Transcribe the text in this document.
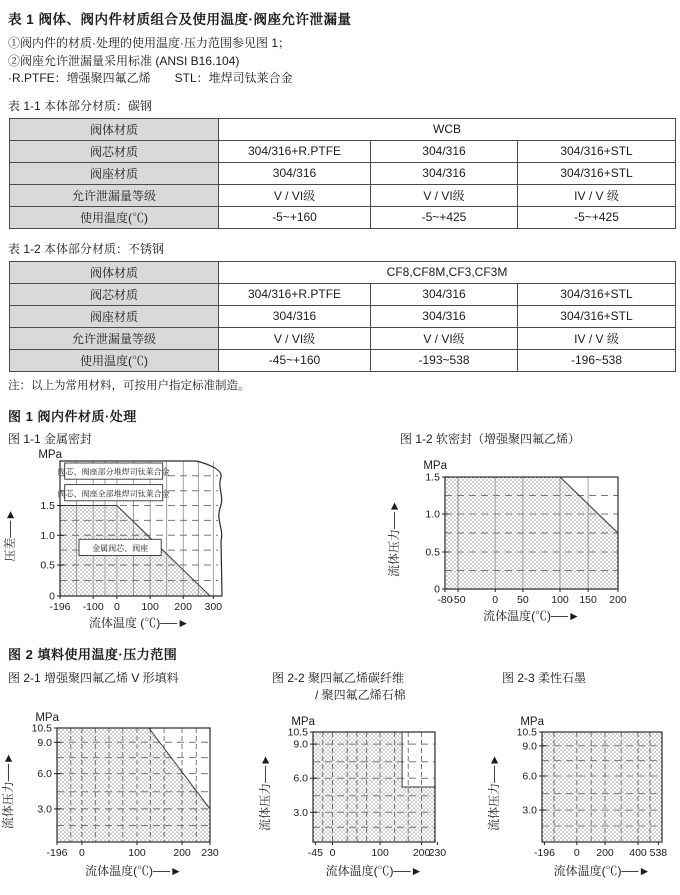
表 1 阀体、阀内件材质组合及使用温度·阀座允许泄漏量
①阀内件的材质·处理的使用温度·压力范围参见图 1；
②阀座允许泄漏量采用标准 (ANSI B16.104)
·R.PTFE：增强聚四氟乙烯　　STL：堆焊司钛莱合金
表 1-1 本体部分材质：碳钢
阀体材质	WCB		
阀芯材质	304/316+R.PTFE	304/316	304/316+STL
阀座材质	304/316	304/316	304/316+STL
允许泄漏量等级	V / VI级	V / VI级	IV / V 级
使用温度(℃)	-5~+160	-5~+425	-5~+425
表 1-2 本体部分材质：不锈钢
阀体材质	CF8,CF8M,CF3,CF3M		
阀芯材质	304/316+R.PTFE	304/316	304/316+STL
阀座材质	304/316	304/316	304/316+STL
允许泄漏量等级	V / VI级	V / VI级	IV / V 级
使用温度(℃)	-45~+160	-193~538	-196~538
注：以上为常用材料，可按用户指定标准制造。
图 1 阀内件材质·处理
图 1-1 金属密封	图 1-2 软密封（增强聚四氟乙烯）
0
0.5
1.0
1.5
-196 -100 0 100 200 300
MPa
阀芯、阀座部分堆焊司钛莱合金
阀芯、阀座全部堆焊司钛莱合金
金属阀芯、阀座
流体温度 (℃)──►
压差──►
0
0.5
1.0
1.5
-80
-50	0 50 100 150 200
MPa
流体温度(℃)──►
流体压力──►
图 2 填料使用温度·压力范围
图 2-1 增强聚四氟乙烯 V 形填料	图 2-2 聚四氟乙烯碳纤维
/ 聚四氟乙烯石棉
图 2-3 柔性石墨
3.0
6.0
9.0
10.5
-196 0	100	200 230
MPa
流体温度(℃)──►
流体压力──►	3.0
6.0
9.0
10.5
-45 0	100 200
230
MPa
流体温度(℃)──►
流体压力──►	3.0
6.0
9.0
10.5
-196 0 200 400 538
MPa
流体温度(℃)──►
流体压力──►
